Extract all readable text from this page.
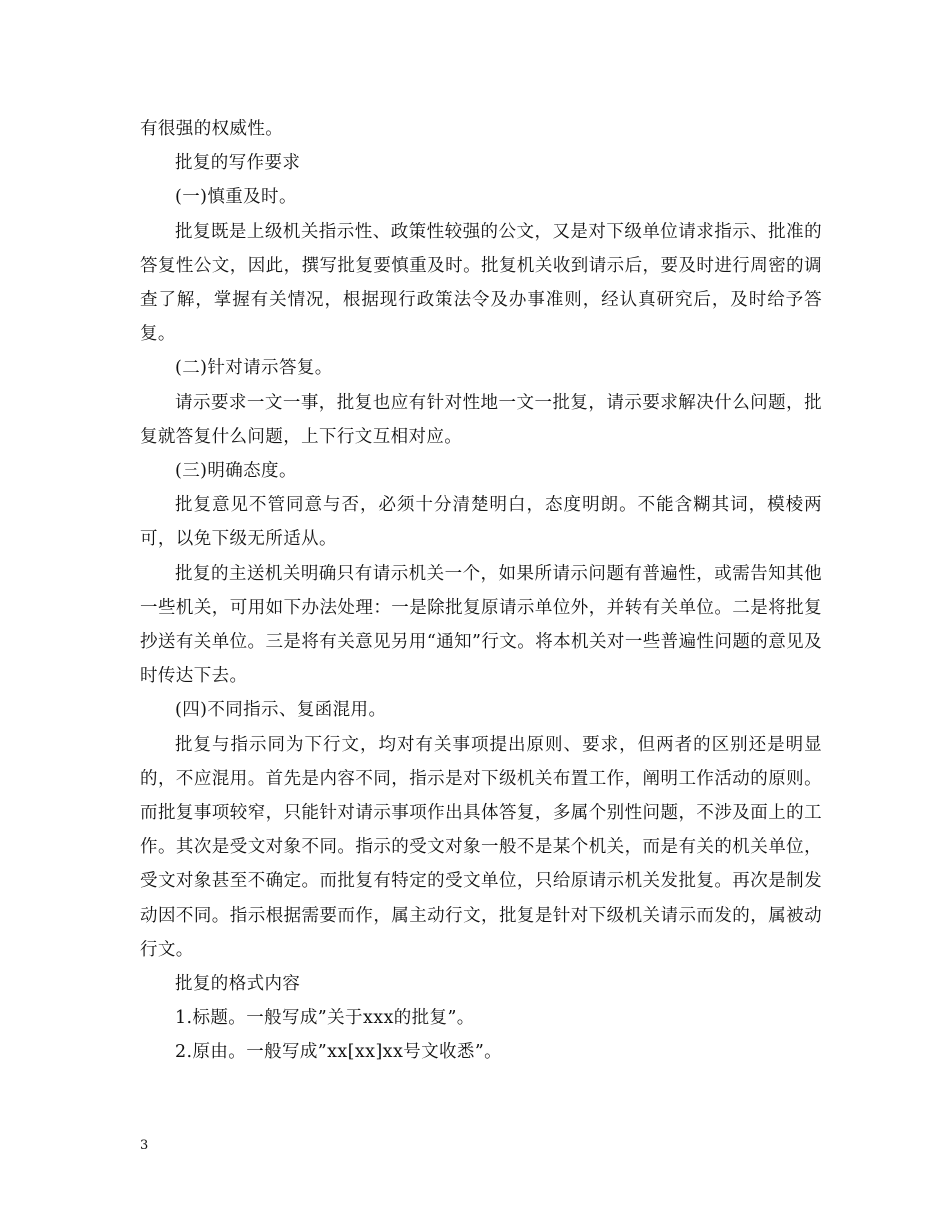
有很强的权威性。

批复的写作要求

(一)慎重及时。

批复既是上级机关指示性、政策性较强的公文，又是对下级单位请求指示、批准的答复性公文，因此，撰写批复要慎重及时。批复机关收到请示后，要及时进行周密的调查了解，掌握有关情况，根据现行政策法令及办事准则，经认真研究后，及时给予答复。

(二)针对请示答复。

请示要求一文一事，批复也应有针对性地一文一批复，请示要求解决什么问题，批复就答复什么问题，上下行文互相对应。

(三)明确态度。

批复意见不管同意与否，必须十分清楚明白，态度明朗。不能含糊其词，模棱两可，以免下级无所适从。

批复的主送机关明确只有请示机关一个，如果所请示问题有普遍性，或需告知其他一些机关，可用如下办法处理：一是除批复原请示单位外，并转有关单位。二是将批复抄送有关单位。三是将有关意见另用“通知”行文。将本机关对一些普遍性问题的意见及时传达下去。

(四)不同指示、复函混用。

批复与指示同为下行文，均对有关事项提出原则、要求，但两者的区别还是明显的，不应混用。首先是内容不同，指示是对下级机关布置工作，阐明工作活动的原则。而批复事项较窄，只能针对请示事项作出具体答复，多属个别性问题，不涉及面上的工作。其次是受文对象不同。指示的受文对象一般不是某个机关，而是有关的机关单位，受文对象甚至不确定。而批复有特定的受文单位，只给原请示机关发批复。再次是制发动因不同。指示根据需要而作，属主动行文，批复是针对下级机关请示而发的，属被动行文。

批复的格式内容

1.标题。一般写成”关于xxx的批复”。

2.原由。一般写成”xx[xx]xx号文收悉”。

3
